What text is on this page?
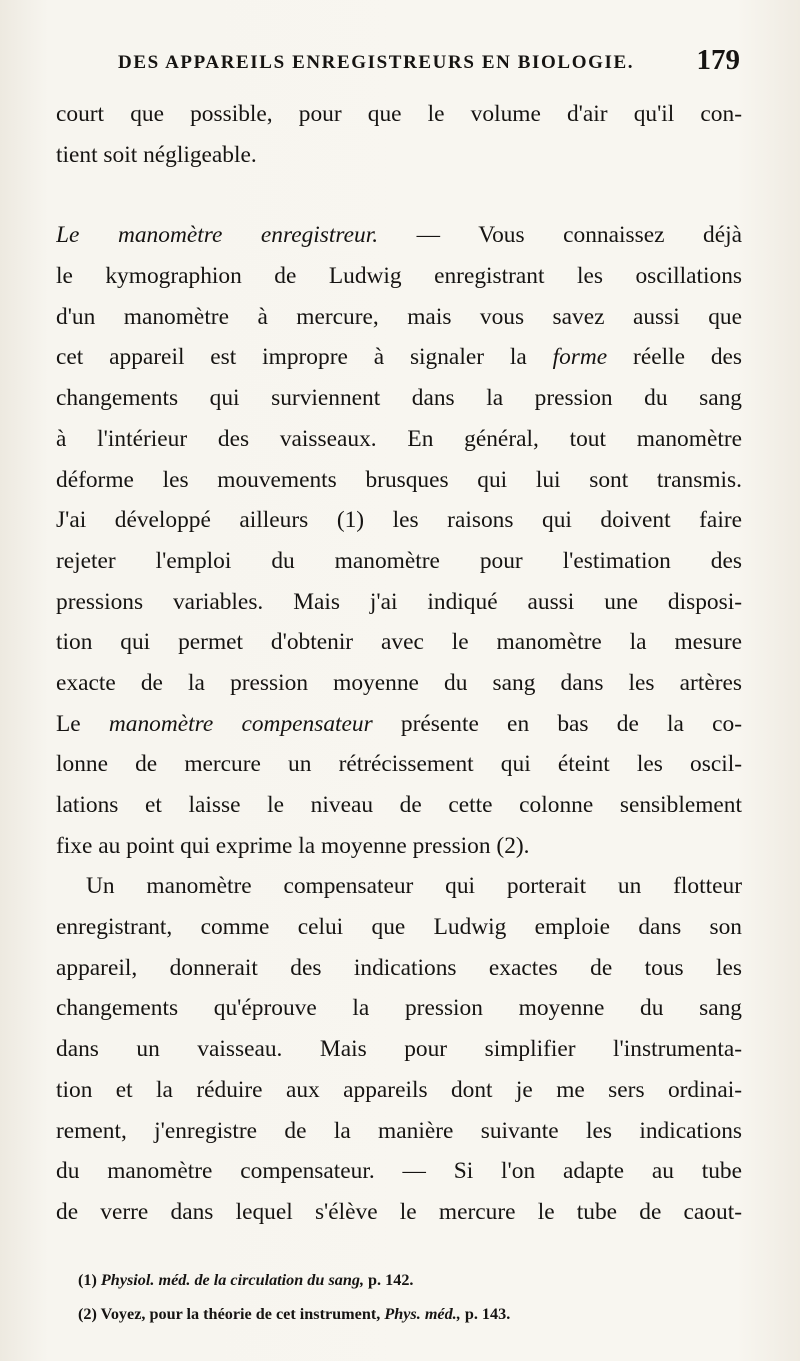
DES APPAREILS ENREGISTREURS EN BIOLOGIE. 179
court que possible, pour que le volume d'air qu'il con-
tient soit négligeable.
Le manomètre enregistreur. — Vous connaissez déjà
le kymographion de Ludwig enregistrant les oscillations
d'un manomètre à mercure, mais vous savez aussi que
cet appareil est impropre à signaler la forme réelle des
changements qui surviennent dans la pression du sang
à l'intérieur des vaisseaux. En général, tout manomètre
déforme les mouvements brusques qui lui sont transmis.
J'ai développé ailleurs (1) les raisons qui doivent faire
rejeter l'emploi du manomètre pour l'estimation des
pressions variables. Mais j'ai indiqué aussi une disposi-
tion qui permet d'obtenir avec le manomètre la mesure
exacte de la pression moyenne du sang dans les artères
Le manomètre compensateur présente en bas de la co-
lonne de mercure un rétrécissement qui éteint les oscil-
lations et laisse le niveau de cette colonne sensiblement
fixe au point qui exprime la moyenne pression (2).
Un manomètre compensateur qui porterait un flotteur
enregistrant, comme celui que Ludwig emploie dans son
appareil, donnerait des indications exactes de tous les
changements qu'éprouve la pression moyenne du sang
dans un vaisseau. Mais pour simplifier l'instrumenta-
tion et la réduire aux appareils dont je me sers ordinai-
rement, j'enregistre de la manière suivante les indications
du manomètre compensateur. — Si l'on adapte au tube
de verre dans lequel s'élève le mercure le tube de caout-
(1) Physiol. méd. de la circulation du sang, p. 142.
(2) Voyez, pour la théorie de cet instrument, Phys. méd., p. 143.
